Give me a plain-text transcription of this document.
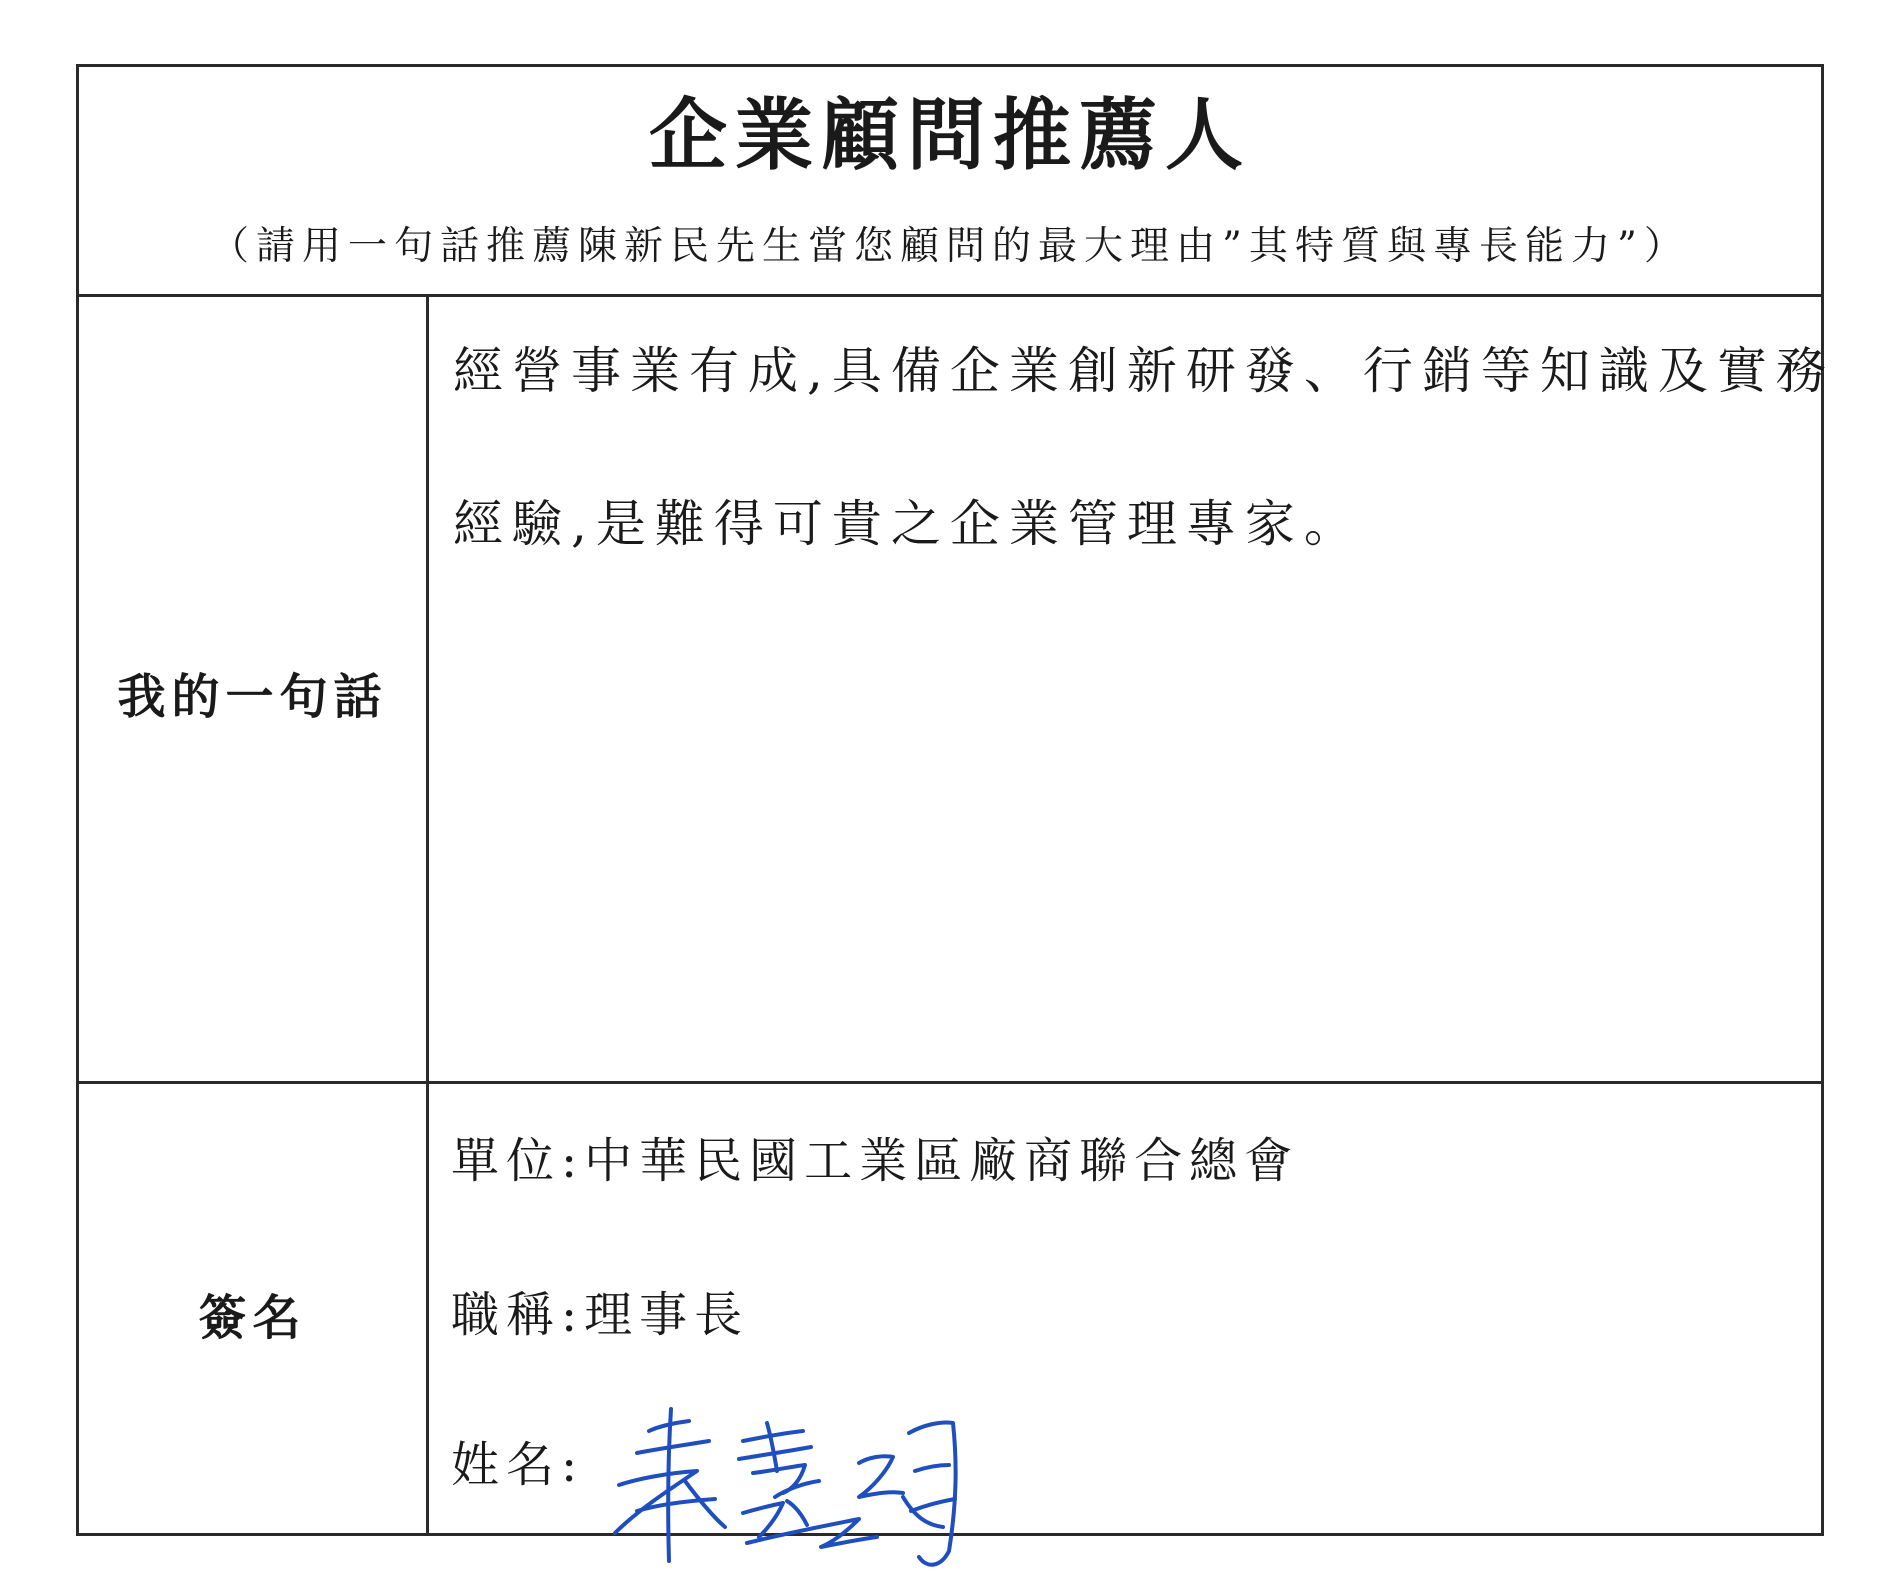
企業顧問推薦人
（請用一句話推薦陳新民先生當您顧問的最大理由”其特質與專長能力”）
我的一句話
經營事業有成,具備企業創新研發、行銷等知識及實務
經驗,是難得可貴之企業管理專家。
簽名
單位:中華民國工業區廠商聯合總會
職稱:理事長
姓名:
